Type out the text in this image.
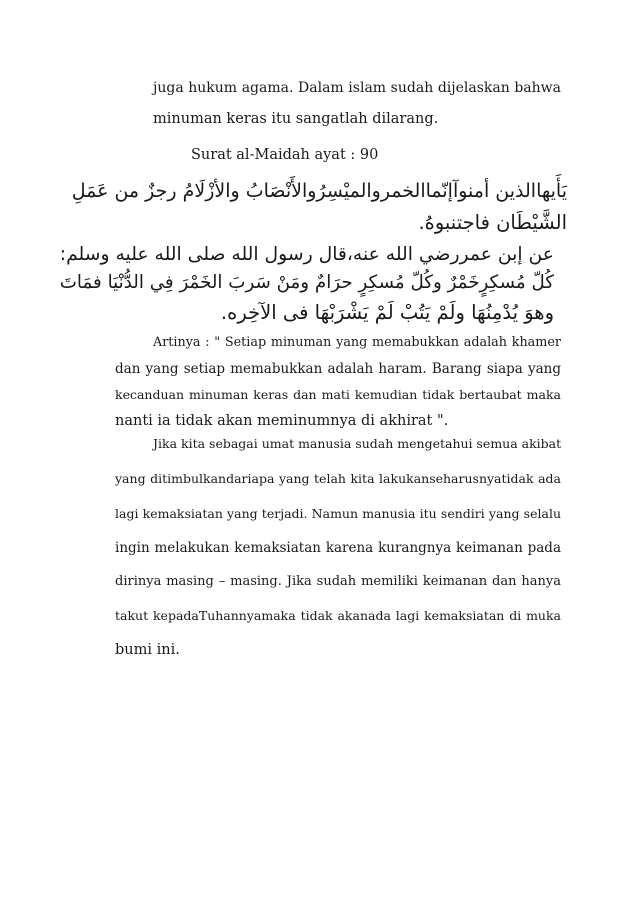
juga hukum agama. Dalam islam sudah dijelaskan bahwa
minuman keras itu sangatlah dilarang.
Surat al-Maidah ayat : 90
يَأَيهاالذين أمنوآإنّماالخمروالميْسِرُوالأَنْصَابُ والأزْلَامُ رجزٌ من عَمَلِ
الشَّيْطَان فاجتنبوهُ.
عن إبن عمررضي الله عنه،قال رسول الله صلى الله عليه وسلم:
كُلّ مُسكِرٍخَمْرٌ وكُلّ مُسكِرٍ حرَامٌ ومَنْ سَربَ الخَمْرَ فِي الدُّنْيَا فمَاتَ
وهوَ يُدْمِنُهَا ولَمْ يَتُبْ لَمْ يَشْرَبْهَا فى الآخِره.
Artinya : " Setiap minuman yang memabukkan adalah khamer
dan yang setiap memabukkan adalah haram. Barang siapa yang
kecanduan minuman keras dan mati kemudian tidak bertaubat maka
nanti ia tidak akan meminumnya di akhirat ".
Jika kita sebagai umat manusia sudah mengetahui semua akibat
yang ditimbulkandariapa yang telah kita lakukanseharusnyatidak ada
lagi kemaksiatan yang terjadi. Namun manusia itu sendiri yang selalu
ingin melakukan kemaksiatan karena kurangnya keimanan pada
dirinya masing – masing. Jika sudah memiliki keimanan dan hanya
takut kepadaTuhannyamaka tidak akanada lagi kemaksiatan di muka
bumi ini.
